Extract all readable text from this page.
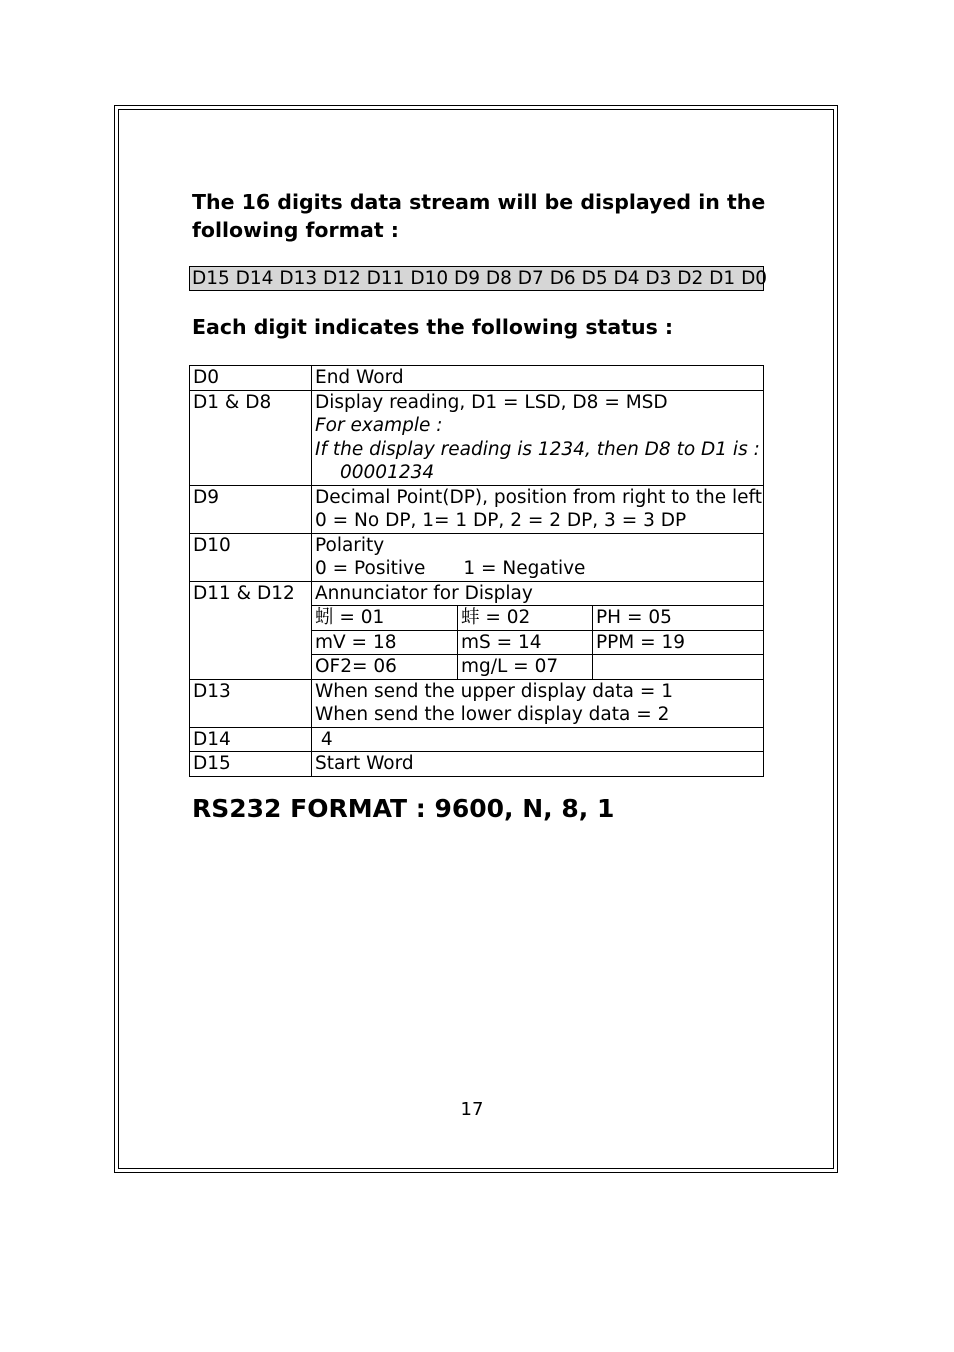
The 16 digits data stream will be displayed in the following format :

D15 D14 D13 D12 D11 D10 D9 D8 D7 D6 D5 D4 D3 D2 D1 D0

Each digit indicates the following status :

D0	End Word		
D1 & D8	Display reading, D1 = LSD, D8 = MSD
For example :
If the display reading is 1234, then D8 to D1 is :
00001234		

D9	Decimal Point(DP), position from right to the left
0 = No DP, 1= 1 DP, 2 = 2 DP, 3 = 3 DP		

D10	Polarity
0 = Positive 1 = Negative		

D11 & D12	Annunciator for Display		
	蚓 = 01	蚌 = 02	PH = 05
	mV = 18	mS = 14	PPM = 19
	OF2= 06	mg/L = 07	
D13	When send the upper display data = 1
When send the lower display data = 2		

D14	4		
D15	Start Word		

RS232 FORMAT : 9600, N, 8, 1

17
